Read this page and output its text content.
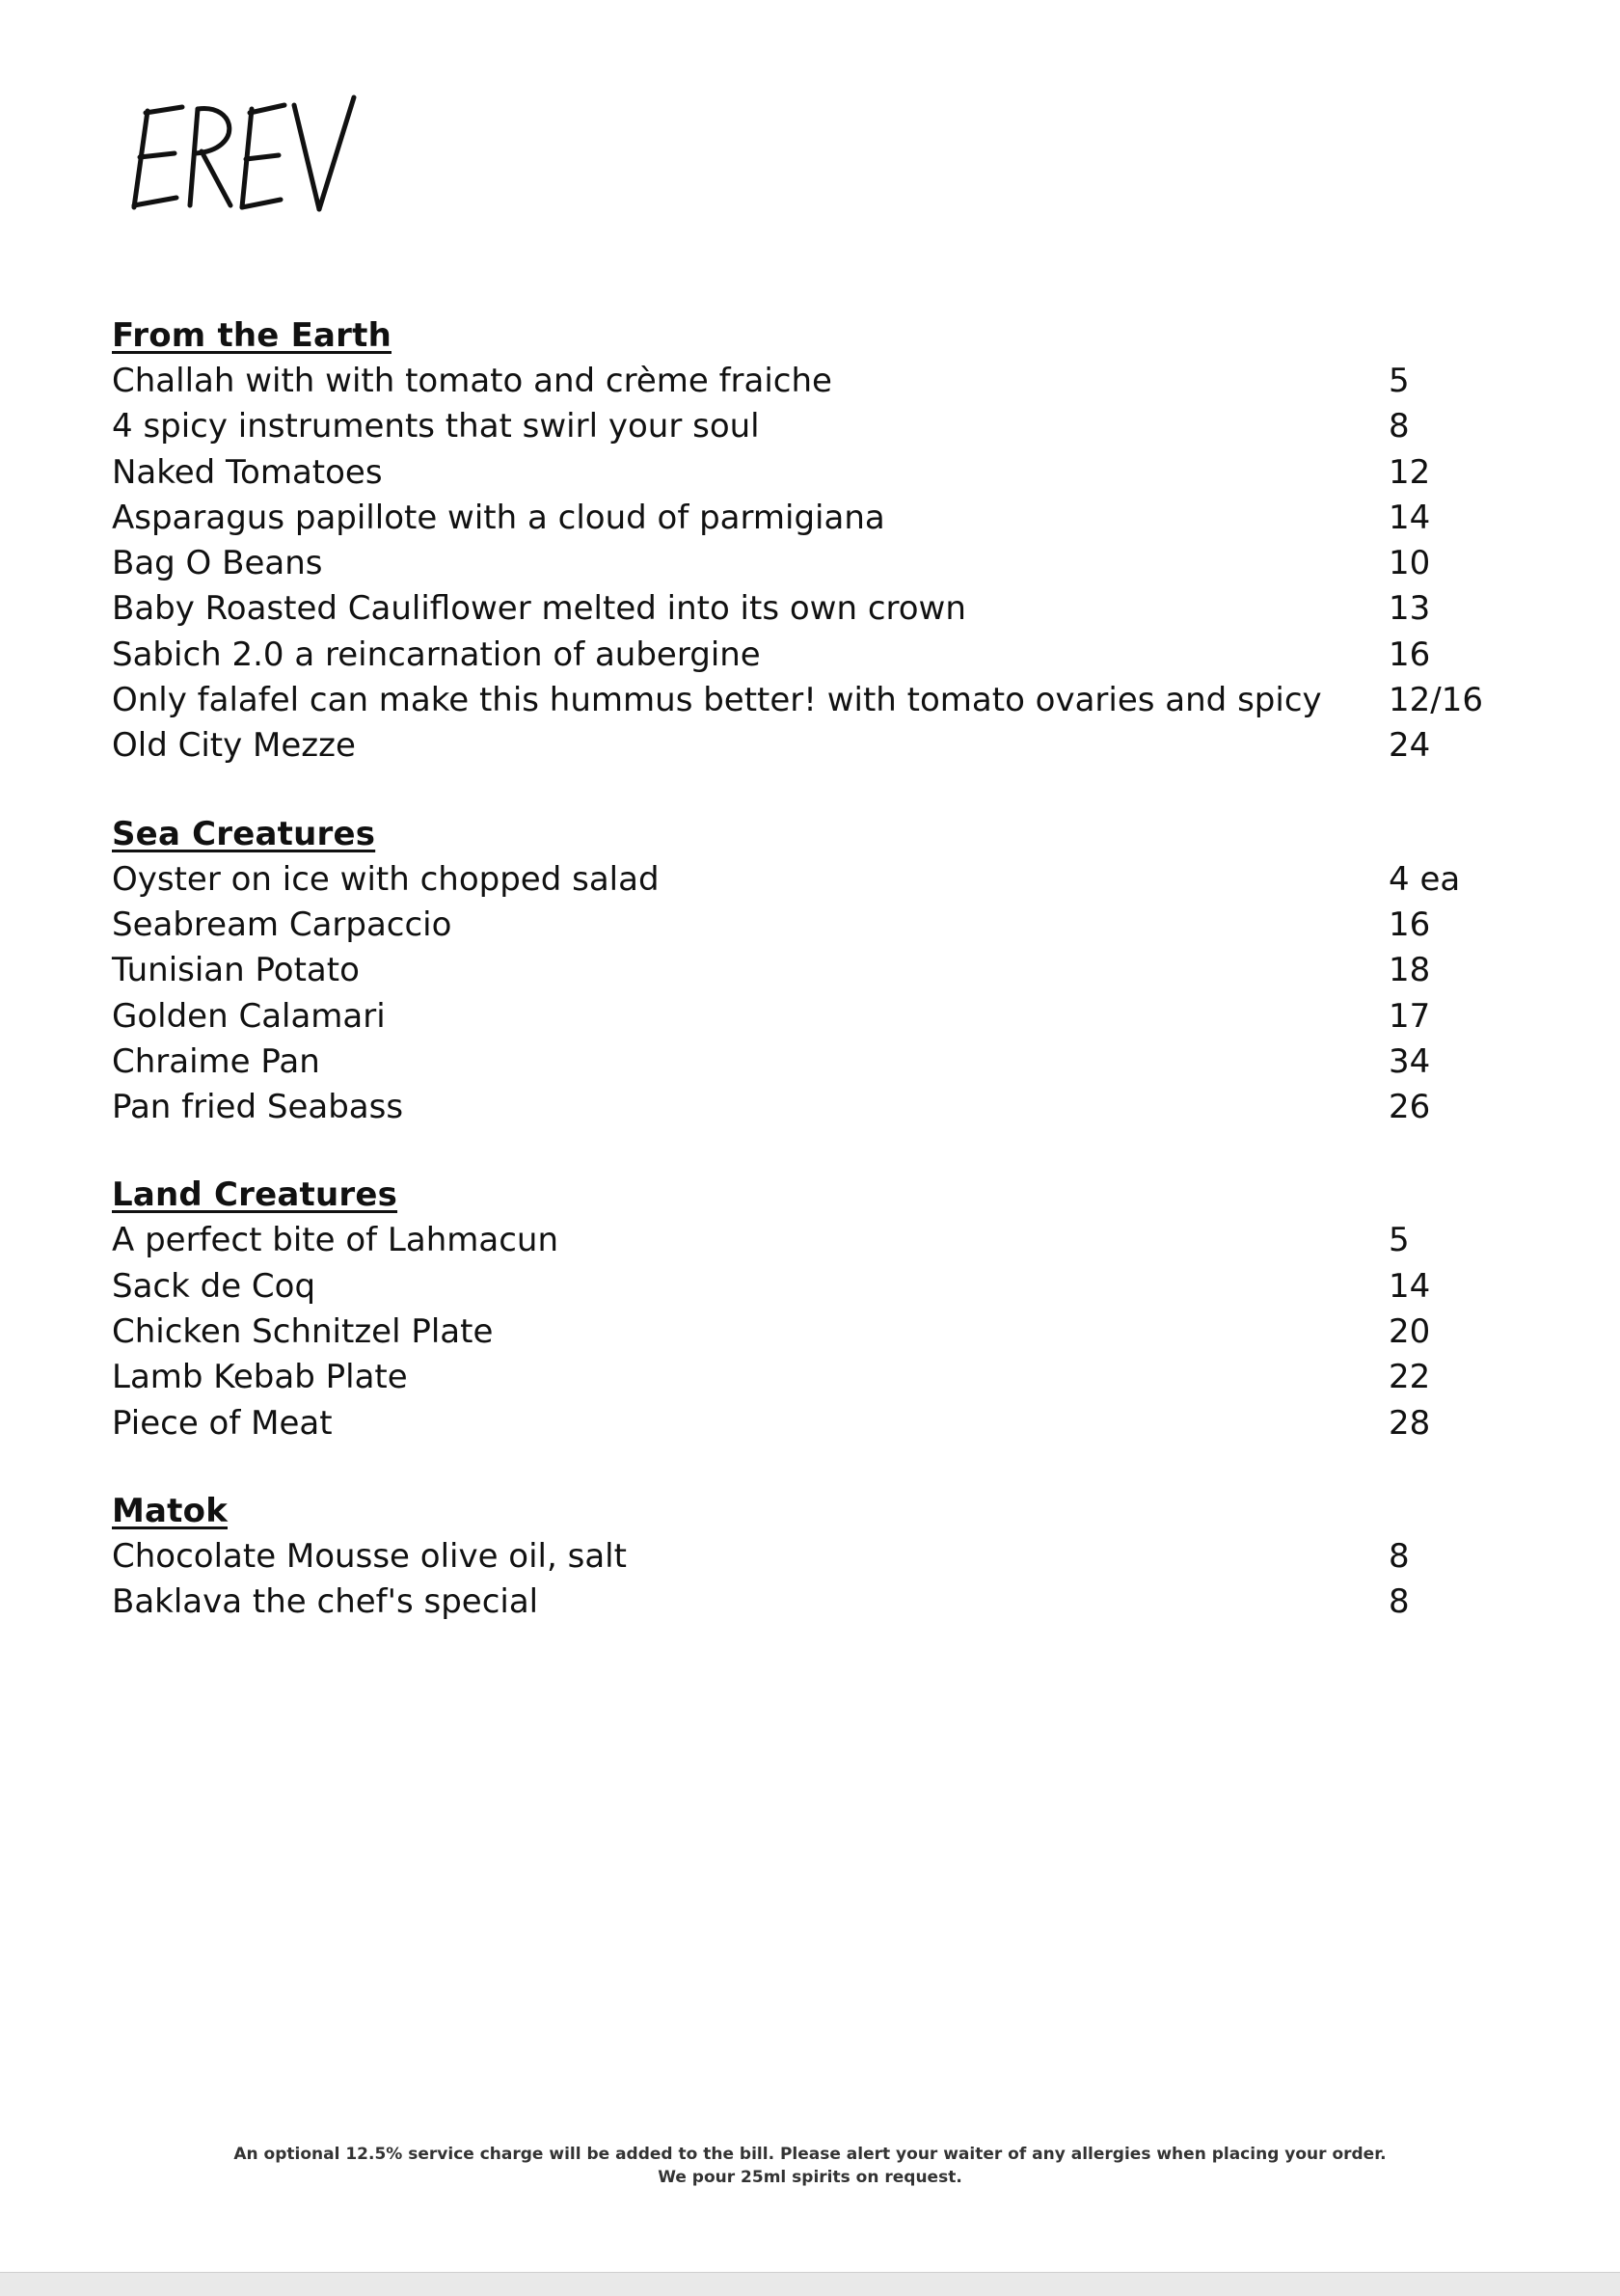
From the Earth
Challah with with tomato and crème fraiche	5
4 spicy instruments that swirl your soul	8
Naked Tomatoes	12
Asparagus papillote with a cloud of parmigiana	14
Bag O Beans	10
Baby Roasted Cauliflower melted into its own crown	13
Sabich 2.0 a reincarnation of aubergine	16
Only falafel can make this hummus better! with tomato ovaries and spicy 12/16
Old City Mezze	24
Sea Creatures
Oyster on ice with chopped salad	4 ea
Seabream Carpaccio	16
Tunisian Potato	18
Golden Calamari	17
Chraime Pan	34
Pan fried Seabass	26
Land Creatures
A perfect bite of Lahmacun	5
Sack de Coq	14
Chicken Schnitzel Plate	20
Lamb Kebab Plate	22
Piece of Meat	28
Matok
Chocolate Mousse olive oil, salt	8
Baklava the chef's special	8
An optional 12.5% service charge will be added to the bill. Please alert your waiter of any allergies when placing your order.
We pour 25ml spirits on request.
